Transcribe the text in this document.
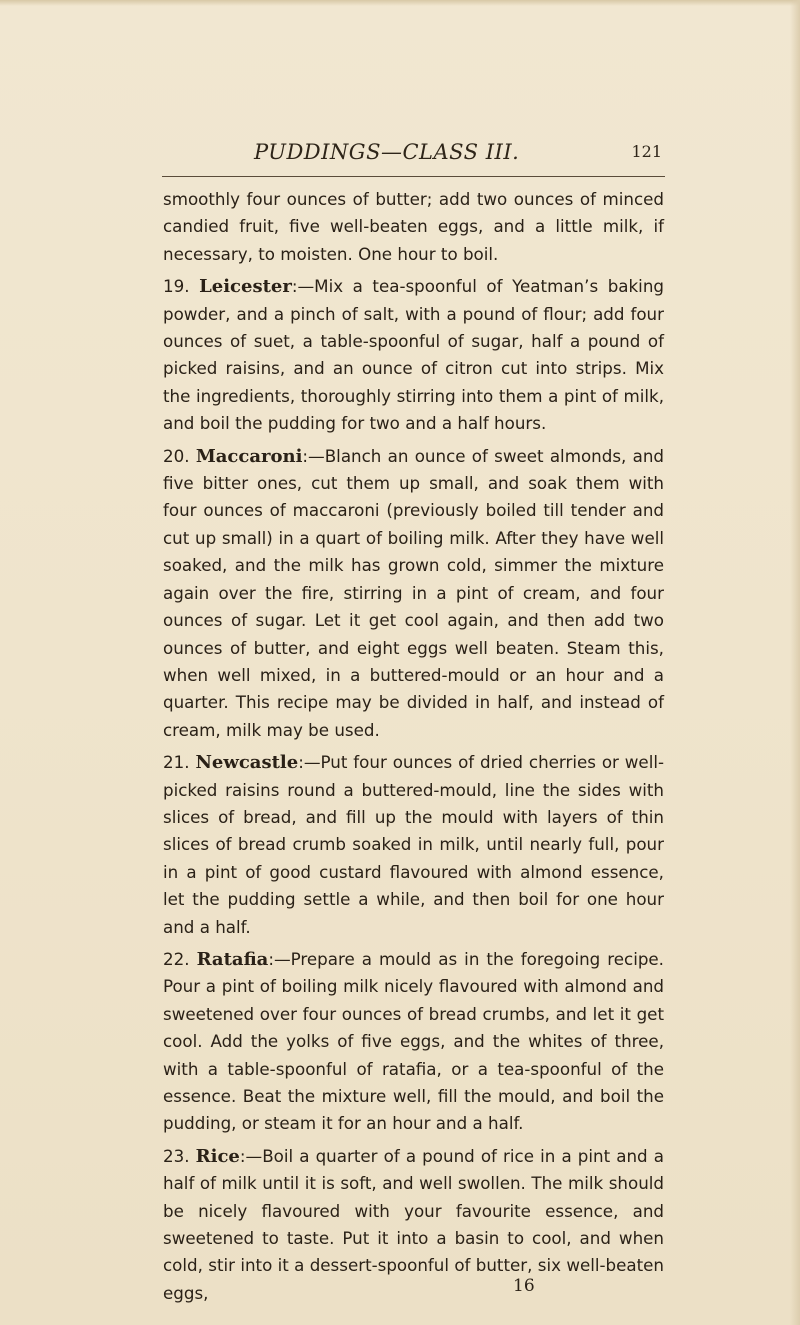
PUDDINGS—CLASS III.	121

smoothly four ounces of butter; add two ounces of minced candied fruit, five well-beaten eggs, and a little milk, if necessary, to moisten. One hour to boil.

19. Leicester:—Mix a tea-spoonful of Yeatman’s baking powder, and a pinch of salt, with a pound of flour; add four ounces of suet, a table-spoonful of sugar, half a pound of picked raisins, and an ounce of citron cut into strips. Mix the ingredients, thoroughly stirring into them a pint of milk, and boil the pudding for two and a half hours.

20. Maccaroni:—Blanch an ounce of sweet almonds, and five bitter ones, cut them up small, and soak them with four ounces of maccaroni (previously boiled till tender and cut up small) in a quart of boiling milk. After they have well soaked, and the milk has grown cold, simmer the mixture again over the fire, stirring in a pint of cream, and four ounces of sugar. Let it get cool again, and then add two ounces of butter, and eight eggs well beaten. Steam this, when well mixed, in a buttered-mould or an hour and a quarter. This recipe may be divided in half, and instead of cream, milk may be used.

21. Newcastle:—Put four ounces of dried cherries or well-picked raisins round a buttered-mould, line the sides with slices of bread, and fill up the mould with layers of thin slices of bread crumb soaked in milk, until nearly full, pour in a pint of good custard flavoured with almond essence, let the pudding settle a while, and then boil for one hour and a half.

22. Ratafia:—Prepare a mould as in the foregoing recipe. Pour a pint of boiling milk nicely flavoured with almond and sweetened over four ounces of bread crumbs, and let it get cool. Add the yolks of five eggs, and the whites of three, with a table-spoonful of ratafia, or a tea-spoonful of the essence. Beat the mixture well, fill the mould, and boil the pudding, or steam it for an hour and a half.

23. Rice:—Boil a quarter of a pound of rice in a pint and a half of milk until it is soft, and well swollen. The milk should be nicely flavoured with your favourite essence, and sweetened to taste. Put it into a basin to cool, and when cold, stir into it a dessert-spoonful of butter, six well-beaten eggs,	16
